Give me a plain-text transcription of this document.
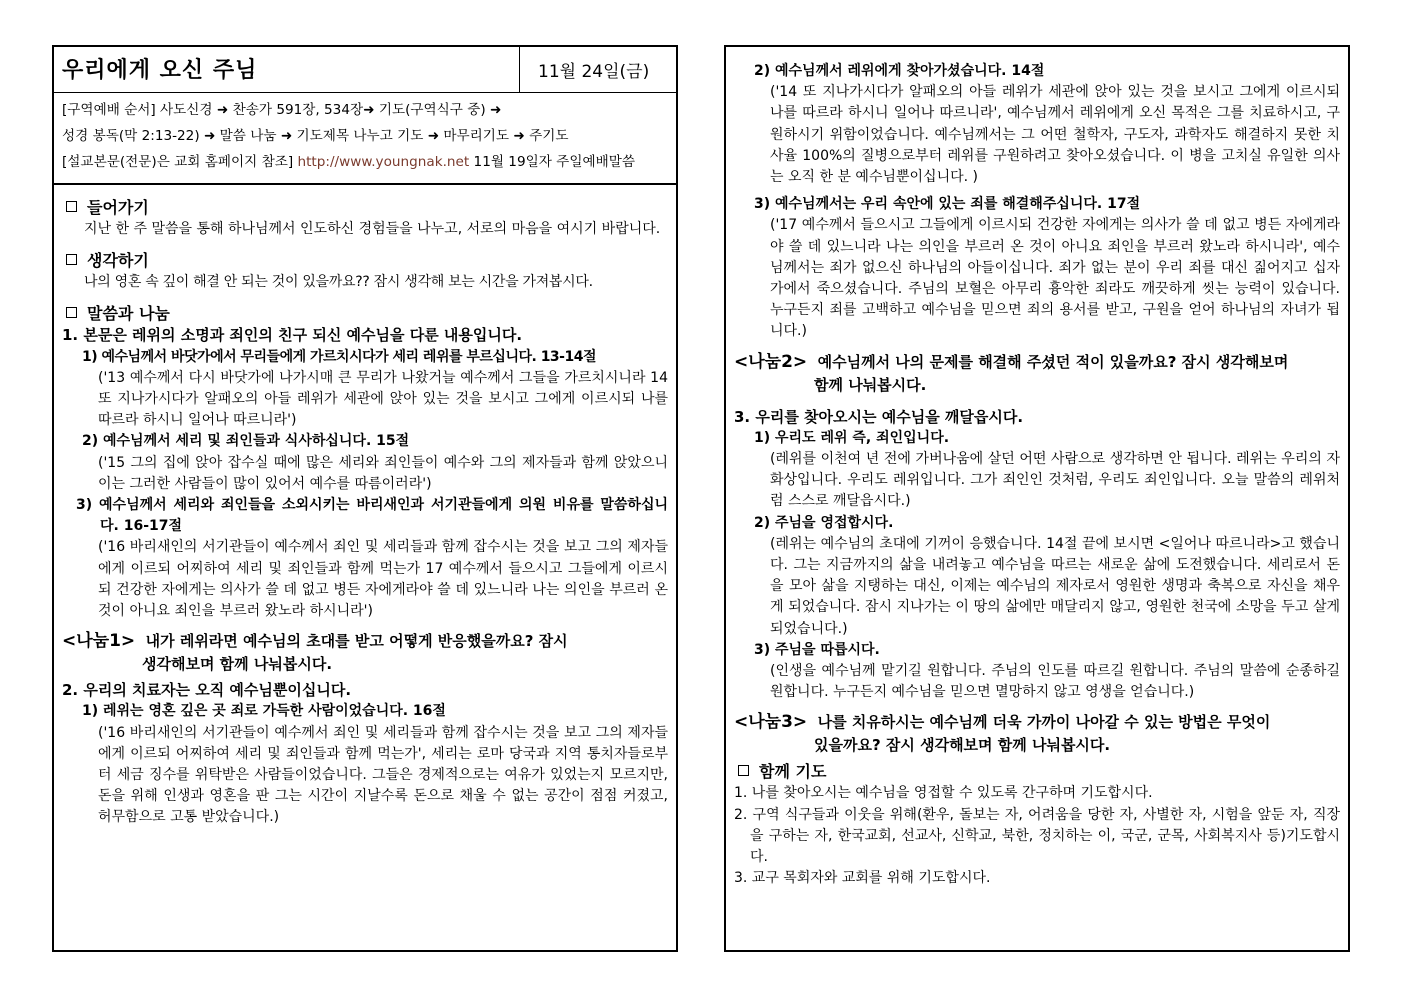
우리에게 오신 주님	11월 24일(금)
[구역예배 순서] 사도신경 ➜ 찬송가 591장, 534장➜ 기도(구역식구 중) ➜
성경 봉독(막 2:13-22) ➜ 말씀 나눔 ➜ 기도제목 나누고 기도 ➜ 마무리기도 ➜ 주기도
[설교본문(전문)은 교회 홈페이지 참조] http://www.youngnak.net 11월 19일자 주일예배말씀
들어가기
지난 한 주 말씀을 통해 하나님께서 인도하신 경험들을 나누고, 서로의 마음을 여시기 바랍니다.
생각하기
나의 영혼 속 깊이 해결 안 되는 것이 있을까요?? 잠시 생각해 보는 시간을 가져봅시다.
말씀과 나눔
1. 본문은 레위의 소명과 죄인의 친구 되신 예수님을 다룬 내용입니다.
1) 예수님께서 바닷가에서 무리들에게 가르치시다가 세리 레위를 부르십니다. 13-14절
('13 예수께서 다시 바닷가에 나가시매 큰 무리가 나왔거늘 예수께서 그들을 가르치시니라 14 또 지나가시다가 알패오의 아들 레위가 세관에 앉아 있는 것을 보시고 그에게 이르시되 나를 따르라 하시니 일어나 따르니라')
2) 예수님께서 세리 및 죄인들과 식사하십니다. 15절
('15 그의 집에 앉아 잡수실 때에 많은 세리와 죄인들이 예수와 그의 제자들과 함께 앉았으니 이는 그러한 사람들이 많이 있어서 예수를 따름이러라')
3) 예수님께서 세리와 죄인들을 소외시키는 바리새인과 서기관들에게 의원 비유를 말씀하십니다. 16-17절
('16 바리새인의 서기관들이 예수께서 죄인 및 세리들과 함께 잡수시는 것을 보고 그의 제자들에게 이르되 어찌하여 세리 및 죄인들과 함께 먹는가 17 예수께서 들으시고 그들에게 이르시되 건강한 자에게는 의사가 쓸 데 없고 병든 자에게라야 쓸 데 있느니라 나는 의인을 부르러 온 것이 아니요 죄인을 부르러 왔노라 하시니라')
<나눔1> 내가 레위라면 예수님의 초대를 받고 어떻게 반응했을까요? 잠시
생각해보며 함께 나눠봅시다.
2. 우리의 치료자는 오직 예수님뿐이십니다.
1) 레위는 영혼 깊은 곳 죄로 가득한 사람이었습니다. 16절
('16 바리새인의 서기관들이 예수께서 죄인 및 세리들과 함께 잡수시는 것을 보고 그의 제자들에게 이르되 어찌하여 세리 및 죄인들과 함께 먹는가', 세리는 로마 당국과 지역 통치자들로부터 세금 징수를 위탁받은 사람들이었습니다. 그들은 경제적으로는 여유가 있었는지 모르지만, 돈을 위해 인생과 영혼을 판 그는 시간이 지날수록 돈으로 채울 수 없는 공간이 점점 커졌고, 허무함으로 고통 받았습니다.)
2) 예수님께서 레위에게 찾아가셨습니다. 14절
('14 또 지나가시다가 알패오의 아들 레위가 세관에 앉아 있는 것을 보시고 그에게 이르시되 나를 따르라 하시니 일어나 따르니라', 예수님께서 레위에게 오신 목적은 그를 치료하시고, 구원하시기 위함이었습니다. 예수님께서는 그 어떤 철학자, 구도자, 과학자도 해결하지 못한 치사율 100%의 질병으로부터 레위를 구원하려고 찾아오셨습니다. 이 병을 고치실 유일한 의사는 오직 한 분 예수님뿐이십니다. )
3) 예수님께서는 우리 속안에 있는 죄를 해결해주십니다. 17절
('17 예수께서 들으시고 그들에게 이르시되 건강한 자에게는 의사가 쓸 데 없고 병든 자에게라야 쓸 데 있느니라 나는 의인을 부르러 온 것이 아니요 죄인을 부르러 왔노라 하시니라', 예수님께서는 죄가 없으신 하나님의 아들이십니다. 죄가 없는 분이 우리 죄를 대신 짊어지고 십자가에서 죽으셨습니다. 주님의 보혈은 아무리 흉악한 죄라도 깨끗하게 씻는 능력이 있습니다. 누구든지 죄를 고백하고 예수님을 믿으면 죄의 용서를 받고, 구원을 얻어 하나님의 자녀가 됩니다.)
<나눔2> 예수님께서 나의 문제를 해결해 주셨던 적이 있을까요? 잠시 생각해보며
함께 나눠봅시다.
3. 우리를 찾아오시는 예수님을 깨달읍시다.
1) 우리도 레위 즉, 죄인입니다.
(레위를 이천여 년 전에 가버나움에 살던 어떤 사람으로 생각하면 안 됩니다. 레위는 우리의 자화상입니다. 우리도 레위입니다. 그가 죄인인 것처럼, 우리도 죄인입니다. 오늘 말씀의 레위처럼 스스로 깨달읍시다.)
2) 주님을 영접합시다.
(레위는 예수님의 초대에 기꺼이 응했습니다. 14절 끝에 보시면 <일어나 따르니라>고 했습니다. 그는 지금까지의 삶을 내려놓고 예수님을 따르는 새로운 삶에 도전했습니다. 세리로서 돈을 모아 삶을 지탱하는 대신, 이제는 예수님의 제자로서 영원한 생명과 축복으로 자신을 채우게 되었습니다. 잠시 지나가는 이 땅의 삶에만 매달리지 않고, 영원한 천국에 소망을 두고 살게 되었습니다.)
3) 주님을 따릅시다.
(인생을 예수님께 맡기길 원합니다. 주님의 인도를 따르길 원합니다. 주님의 말씀에 순종하길 원합니다. 누구든지 예수님을 믿으면 멸망하지 않고 영생을 얻습니다.)
<나눔3> 나를 치유하시는 예수님께 더욱 가까이 나아갈 수 있는 방법은 무엇이
있을까요? 잠시 생각해보며 함께 나눠봅시다.
함께 기도
1. 나를 찾아오시는 예수님을 영접할 수 있도록 간구하며 기도합시다.
2. 구역 식구들과 이웃을 위해(환우, 돌보는 자, 어려움을 당한 자, 사별한 자, 시험을 앞둔 자, 직장을 구하는 자, 한국교회, 선교사, 신학교, 북한, 정치하는 이, 국군, 군목, 사회복지사 등)기도합시다.
3. 교구 목회자와 교회를 위해 기도합시다.
